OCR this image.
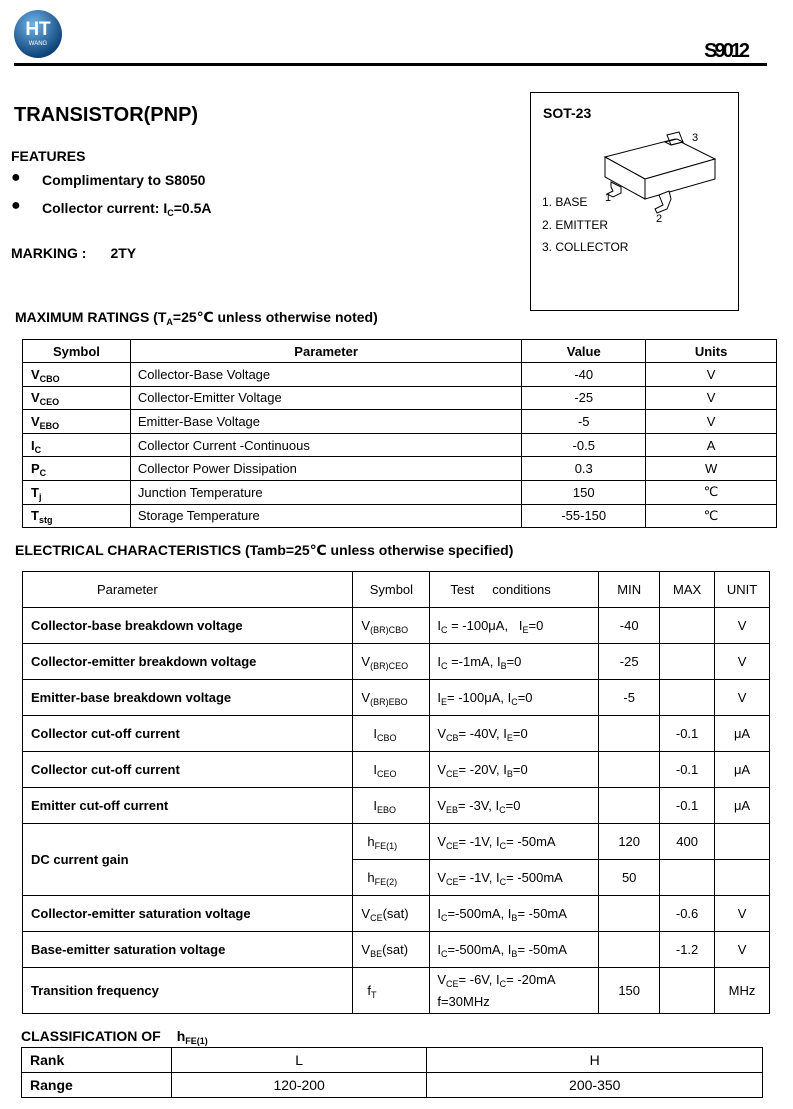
HT
WANG	S9012
TRANSISTOR(PNP)
FEATURES
● Complimentary to S8050
● Collector current: $I_C=0.5A$
MARKING : 2TY
SOT-23
3
1
2
1. BASE
2. EMITTER
3. COLLECTOR
MAXIMUM RATINGS ($T_A=25℃$ unless otherwise noted)
Symbol	Parameter	Value	Units
$V_{CBO}$	Collector-Base Voltage	-40	V
$V_{CEO}$	Collector-Emitter Voltage	-25	V
$V_{EBO}$	Emitter-Base Voltage	-5	V
$I_C$	Collector Current -Continuous	-0.5	A
$P_C$	Collector Power Dissipation	0.3	W
$T_j$	Junction Temperature	150	℃
$T_{stg}$	Storage Temperature	-55-150	℃
ELECTRICAL CHARACTERISTICS (Tamb=25℃ unless otherwise specified)
Parameter	Symbol	Test     conditions	MIN	MAX	UNIT
Collector-base breakdown voltage	$V_{(BR)CBO}$	$I_C = -100\mu A$,   $I_E=0$	-40		V
Collector-emitter breakdown voltage	$V_{(BR)CEO}$	$I_C =-1mA$, $I_B=0$	-25		V
Emitter-base breakdown voltage	$V_{(BR)EBO}$	$I_E= -100\mu A$, $I_C=0$	-5		V
Collector cut-off current	$I_{CBO}$	$V_{CB}= -40V$, $I_E=0$		-0.1	μA
Collector cut-off current	$I_{CEO}$	$V_{CE}= -20V$, $I_B=0$		-0.1	μA
Emitter cut-off current	$I_{EBO}$	$V_{EB}= -3V$, $I_C=0$		-0.1	μA
DC current gain	$h_{FE(1)}$	$V_{CE}= -1V$, $I_C= -50mA$	120	400	
	$h_{FE(2)}$	$V_{CE}= -1V$, $I_C= -500mA$	50		
Collector-emitter saturation voltage	$V_{CE}(sat)$	$I_C=-500mA$, $I_B= -50mA$		-0.6	V
Base-emitter saturation voltage	$V_{BE}(sat)$	$I_C=-500mA$, $I_B= -50mA$		-1.2	V
Transition frequency	$f_T$	$V_{CE}= -6V$, $I_C= -20mA$
f=30MHz	150		MHz
CLASSIFICATION OF $h_{FE(1)}$
Rank	L	H
Range	120-200	200-350
